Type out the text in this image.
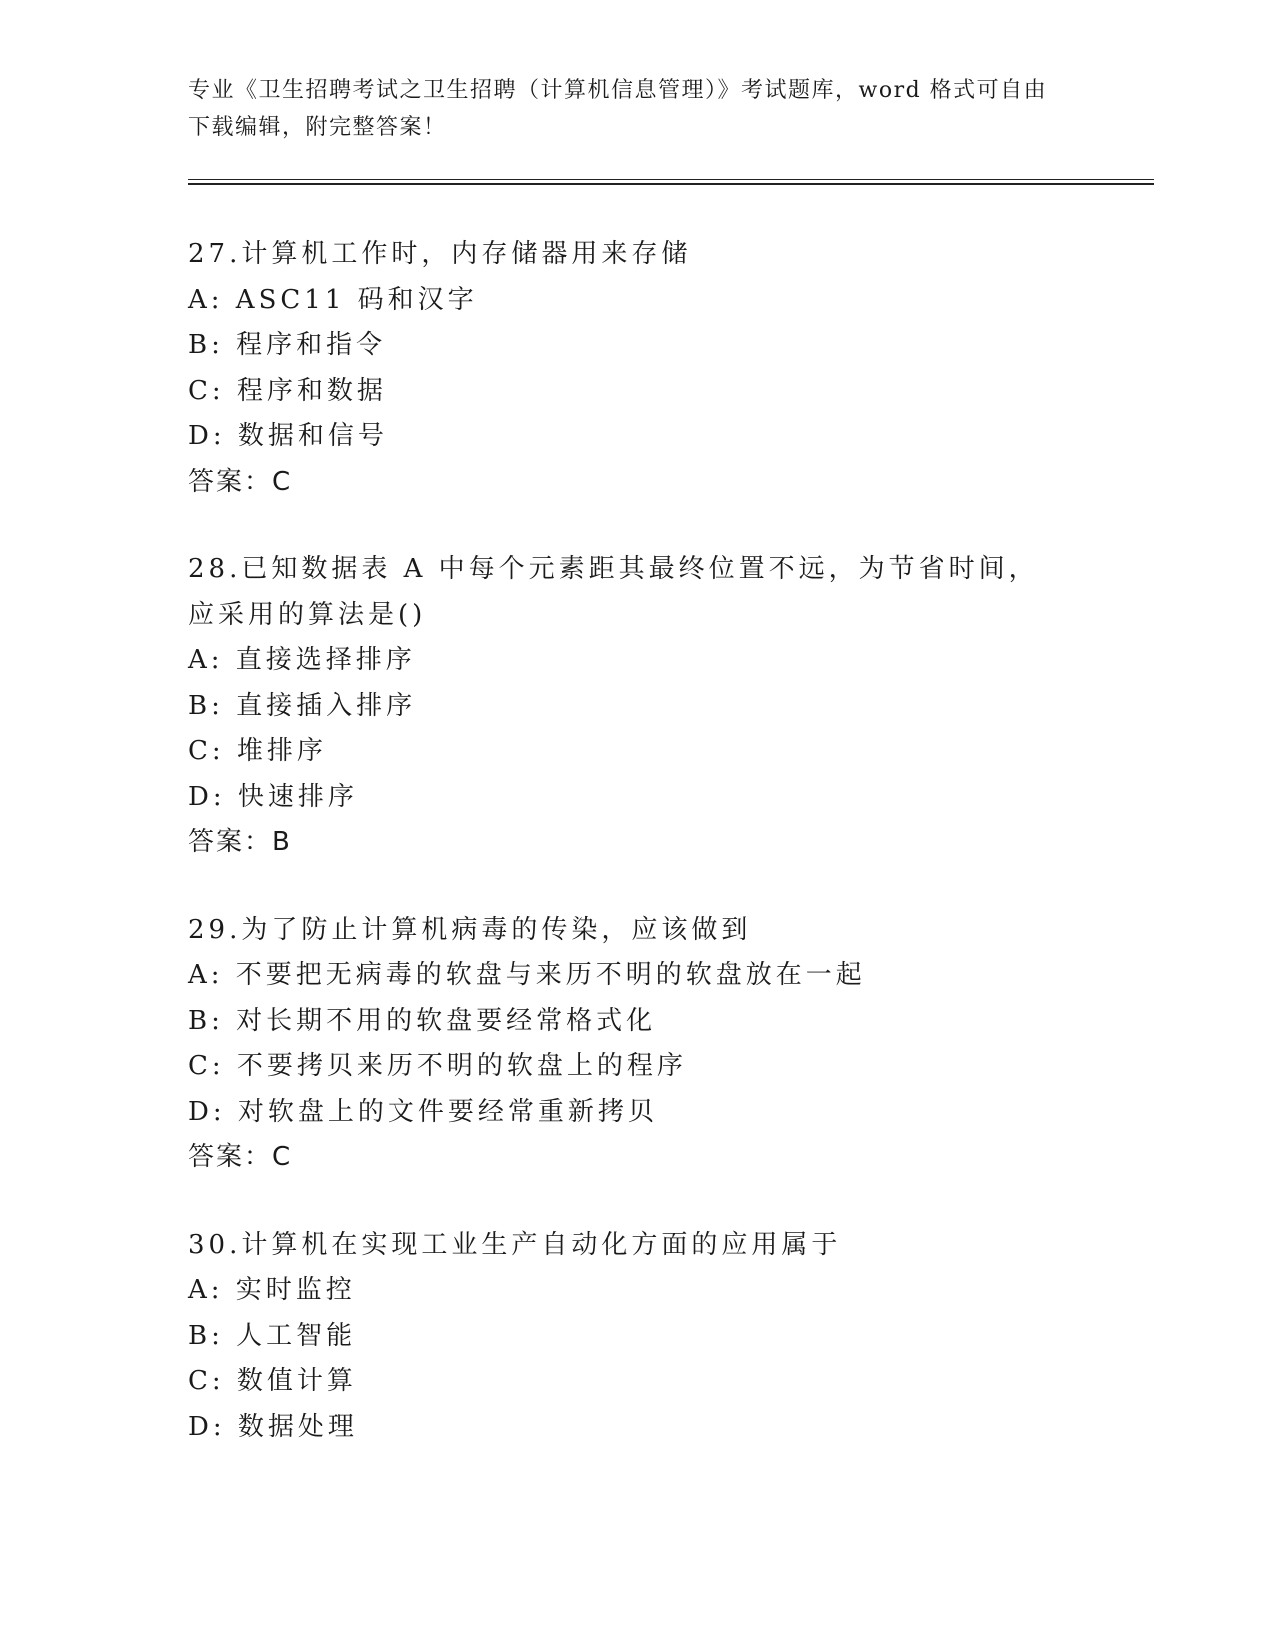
专业《卫生招聘考试之卫生招聘（计算机信息管理）》考试题库，word 格式可自由下载编辑，附完整答案！
27.计算机工作时，内存储器用来存储
A: ASC11 码和汉字
B: 程序和指令
C: 程序和数据
D: 数据和信号
答案：C
28.已知数据表 A 中每个元素距其最终位置不远，为节省时间，应采用的算法是()
A: 直接选择排序
B: 直接插入排序
C: 堆排序
D: 快速排序
答案：B
29.为了防止计算机病毒的传染，应该做到
A: 不要把无病毒的软盘与来历不明的软盘放在一起
B: 对长期不用的软盘要经常格式化
C: 不要拷贝来历不明的软盘上的程序
D: 对软盘上的文件要经常重新拷贝
答案：C
30.计算机在实现工业生产自动化方面的应用属于
A: 实时监控
B: 人工智能
C: 数值计算
D: 数据处理
